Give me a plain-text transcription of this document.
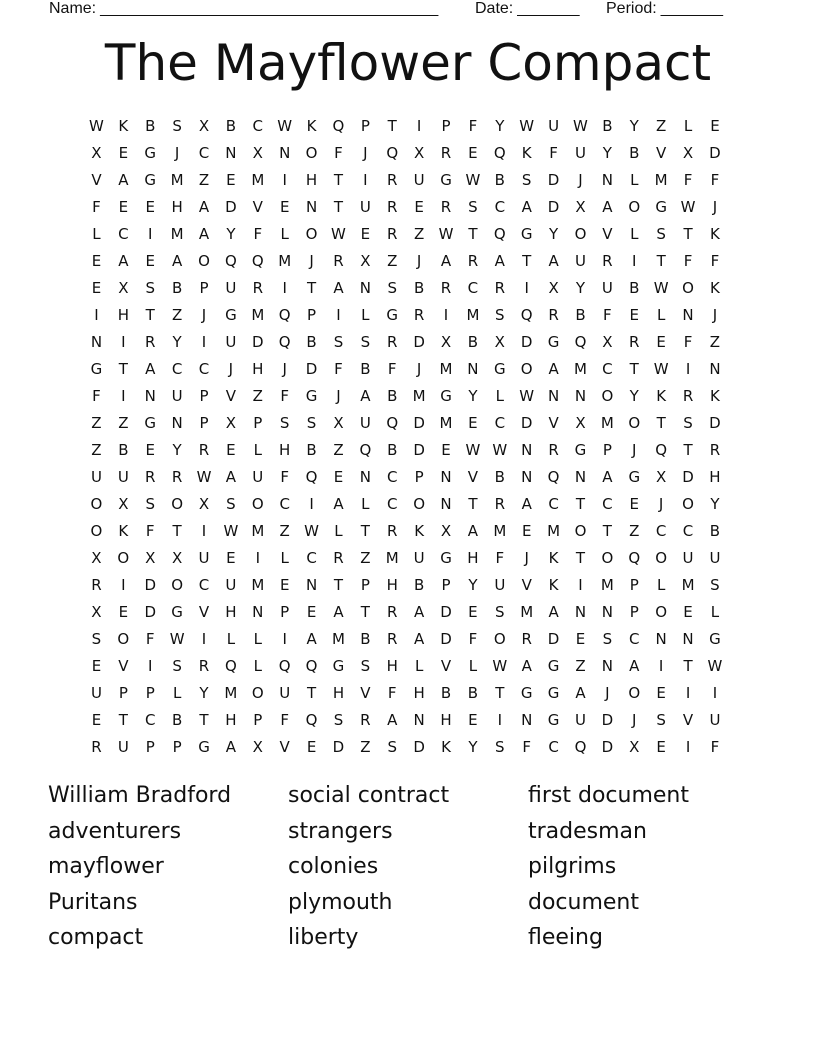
Name: ______________________________________ Date: _______ Period: _______
The Mayflower Compact
W K	B	S	X	B	C W K	Q	P	T	I	P	F	Y W U W B	Y	Z	L	E
X	E	G	J	C	N	X	N	O	F	J	Q	X	R	E	Q	K	F	U	Y	B	V	X	D
V	A	G M	Z	E	M	I	H	T	I	R	U	G W B	S	D	J	N	L	M	F	F
F	E	E	H	A	D	V	E	N	T	U	R	E	R	S	C	A	D	X	A	O	G W	J
L	C	I	M	A	Y	F	L	O W E	R	Z W T	Q	G	Y	O	V	L	S	T	K
E	A	E	A	O	Q	Q M	J	R	X	Z	J	A	R	A	T	A	U	R	I	T	F	F
E	X	S	B	P	U	R	I	T	A	N	S	B	R	C	R	I	X	Y	U	B W O	K
I	H	T	Z	J	G M Q	P	I	L	G	R	I	M	S	Q	R	B	F	E	L	N	J
N	I	R	Y	I	U	D	Q	B	S	S	R	D	X	B	X	D	G	Q	X	R	E	F	Z
G	T	A	C	C	J	H	J	D	F	B	F	J	M N	G	O	A	M	C	T W	I	N
F	I	N	U	P	V	Z	F	G	J	A	B	M G	Y	L	W N	N	O	Y	K	R	K
Z	Z	G	N	P	X	P	S	S	X	U	Q	D M	E	C	D	V	X	M O	T	S	D
Z	B	E	Y	R	E	L	H	B	Z	Q	B	D	E W W N	R	G	P	J	Q	T	R
U	U	R	R W A	U	F	Q	E	N	C	P	N	V	B	N	Q	N	A	G	X	D	H
O	X	S	O	X	S	O	C	I	A	L	C	O	N	T	R	A	C	T	C	E	J	O	Y
O	K	F	T	I	W M	Z W	L	T	R	K	X	A	M	E	M O	T	Z	C	C	B
X	O	X	X	U	E	I	L	C	R	Z	M U	G	H	F	J	K	T	O	Q	O	U	U
R	I	D	O	C	U M	E	N	T	P	H	B	P	Y	U	V	K	I	M	P	L	M	S
X	E	D	G	V	H	N	P	E	A	T	R	A	D	E	S	M	A	N	N	P	O	E	L
S	O	F	W	I	L	L	I	A	M	B	R	A	D	F	O	R	D	E	S	C	N	N	G
E	V	I	S	R	Q	L	Q	Q	G	S	H	L	V	L	W A	G	Z	N	A	I	T W
U	P	P	L	Y	M O	U	T	H	V	F	H	B	B	T	G	G	A	J	O	E	I	I
E	T	C	B	T	H	P	F	Q	S	R	A	N	H	E	I	N	G	U	D	J	S	V	U
R	U	P	P	G	A	X	V	E	D	Z	S	D	K	Y	S	F	C	Q	D	X	E	I	F
William Bradford	social contract	first document
adventurers	strangers	tradesman
mayflower	colonies	pilgrims
Puritans	plymouth	document
compact	liberty	fleeing
